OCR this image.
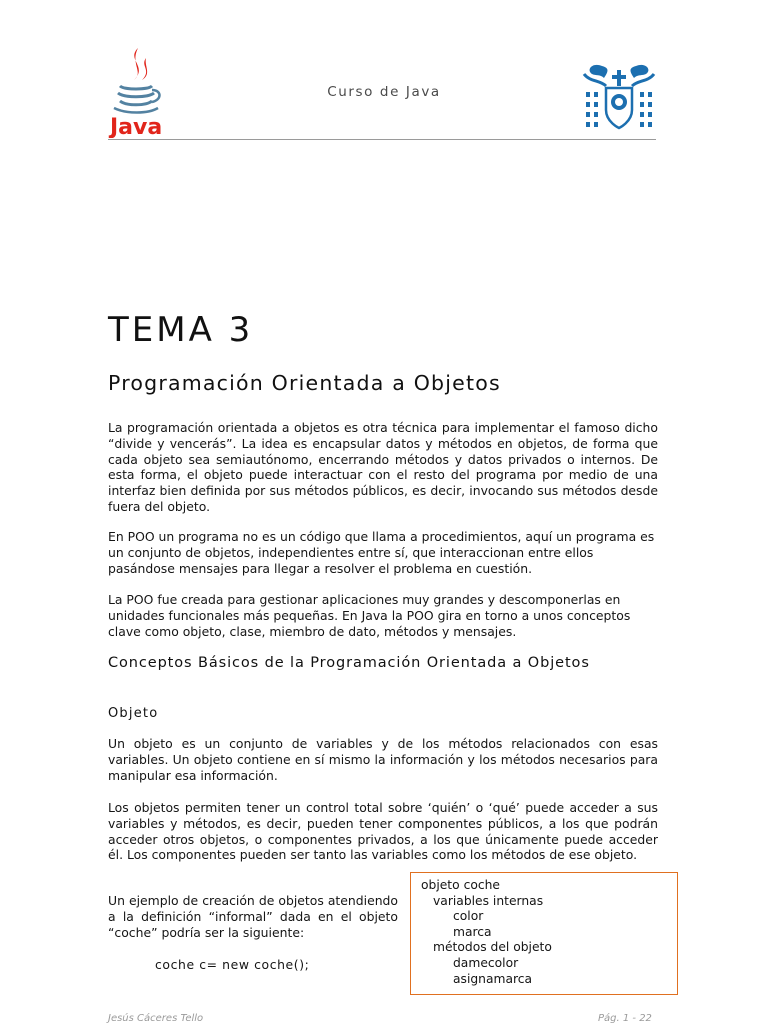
Java
Curso de Java
TEMA 3
Programación Orientada a Objetos
La programación orientada a objetos es otra técnica para implementar el famoso dicho “divide y vencerás”. La idea es encapsular datos y métodos en objetos, de forma que cada objeto sea semiautónomo, encerrando métodos y datos privados o internos. De esta forma, el objeto puede interactuar con el resto del programa por medio de una interfaz bien definida por sus métodos públicos, es decir, invocando sus métodos desde fuera del objeto.
En POO un programa no es un código que llama a procedimientos, aquí un programa es un conjunto de objetos, independientes entre sí, que interaccionan entre ellos pasándose mensajes para llegar a resolver el problema en cuestión.
La POO fue creada para gestionar aplicaciones muy grandes y descomponerlas en unidades funcionales más pequeñas. En Java la POO gira en torno a unos conceptos clave como objeto, clase, miembro de dato, métodos y mensajes.
Conceptos Básicos de la Programación Orientada a Objetos
Objeto
Un objeto es un conjunto de variables y de los métodos relacionados con esas variables. Un objeto contiene en sí mismo la información y los métodos necesarios para manipular esa información.
Los objetos permiten tener un control total sobre ‘quién’ o ‘qué’ puede acceder a sus variables y métodos, es decir, pueden tener componentes públicos, a los que podrán acceder otros objetos, o componentes privados, a los que únicamente puede acceder él. Los componentes pueden ser tanto las variables como los métodos de ese objeto.
Un ejemplo de creación de objetos atendiendo a la definición “informal” dada en el objeto “coche” podría ser la siguiente:
coche c= new coche();
objeto coche
variables internas
color
marca
métodos del objeto
damecolor
asignamarca
Jesús Cáceres Tello	Pág. 1 - 22
